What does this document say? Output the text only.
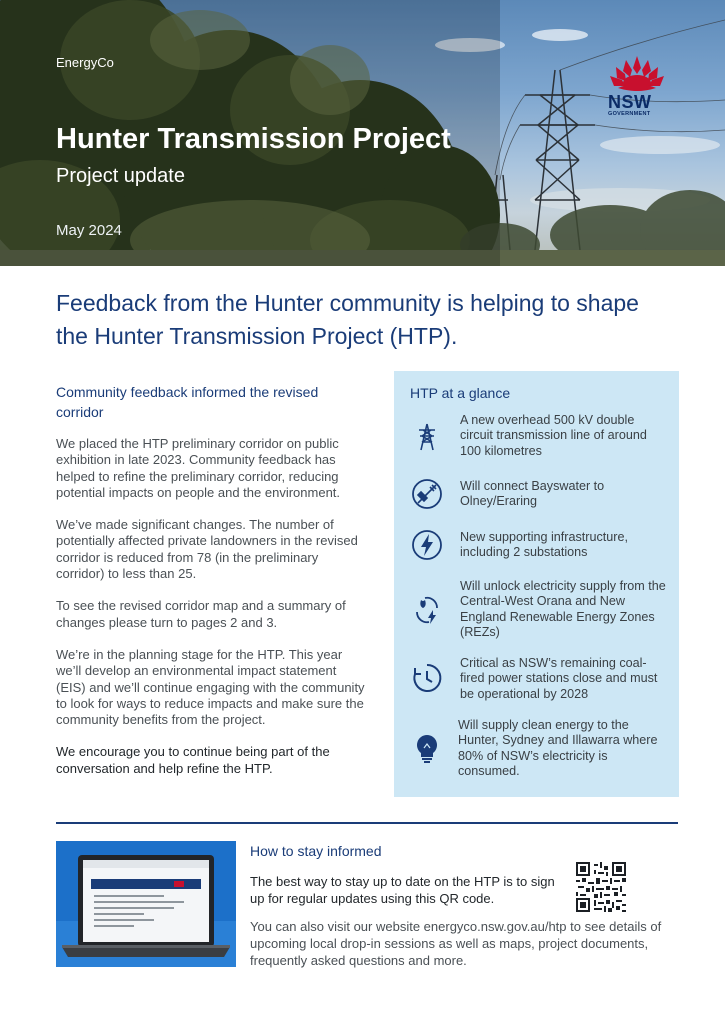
EnergyCo
Hunter Transmission Project
Project update
May 2024
NSW
GOVERNMENT
Feedback from the Hunter community is helping to shape the Hunter Transmission Project (HTP).
Community feedback informed the revised corridor

We placed the HTP preliminary corridor on public exhibition in late 2023. Community feedback has helped to refine the preliminary corridor, reducing potential impacts on people and the environment.

We’ve made significant changes. The number of potentially affected private landowners in the revised corridor is reduced from 78 (in the preliminary corridor) to less than 25.

To see the revised corridor map and a summary of changes please turn to pages 2 and 3.

We’re in the planning stage for the HTP. This year we’ll develop an environmental impact statement (EIS) and we’ll continue engaging with the community to look for ways to reduce impacts and make sure the community benefits from the project.

We encourage you to continue being part of the conversation and help refine the HTP.

HTP at a glance
A new overhead 500 kV double circuit transmission line of around 100 kilometres
Will connect Bayswater to Olney/Eraring
New supporting infrastructure, including 2 substations
Will unlock electricity supply from the Central-West Orana and New England Renewable Energy Zones (REZs)
Critical as NSW’s remaining coal-fired power stations close and must be operational by 2028
Will supply clean energy to the Hunter, Sydney and Illawarra where 80% of NSW’s electricity is consumed.
How to stay informed
The best way to stay up to date on the HTP is to sign up for regular updates using this QR code.
You can also visit our website energyco.nsw.gov.au/htp to see details of upcoming local drop-in sessions as well as maps, project documents, frequently asked questions and more.
